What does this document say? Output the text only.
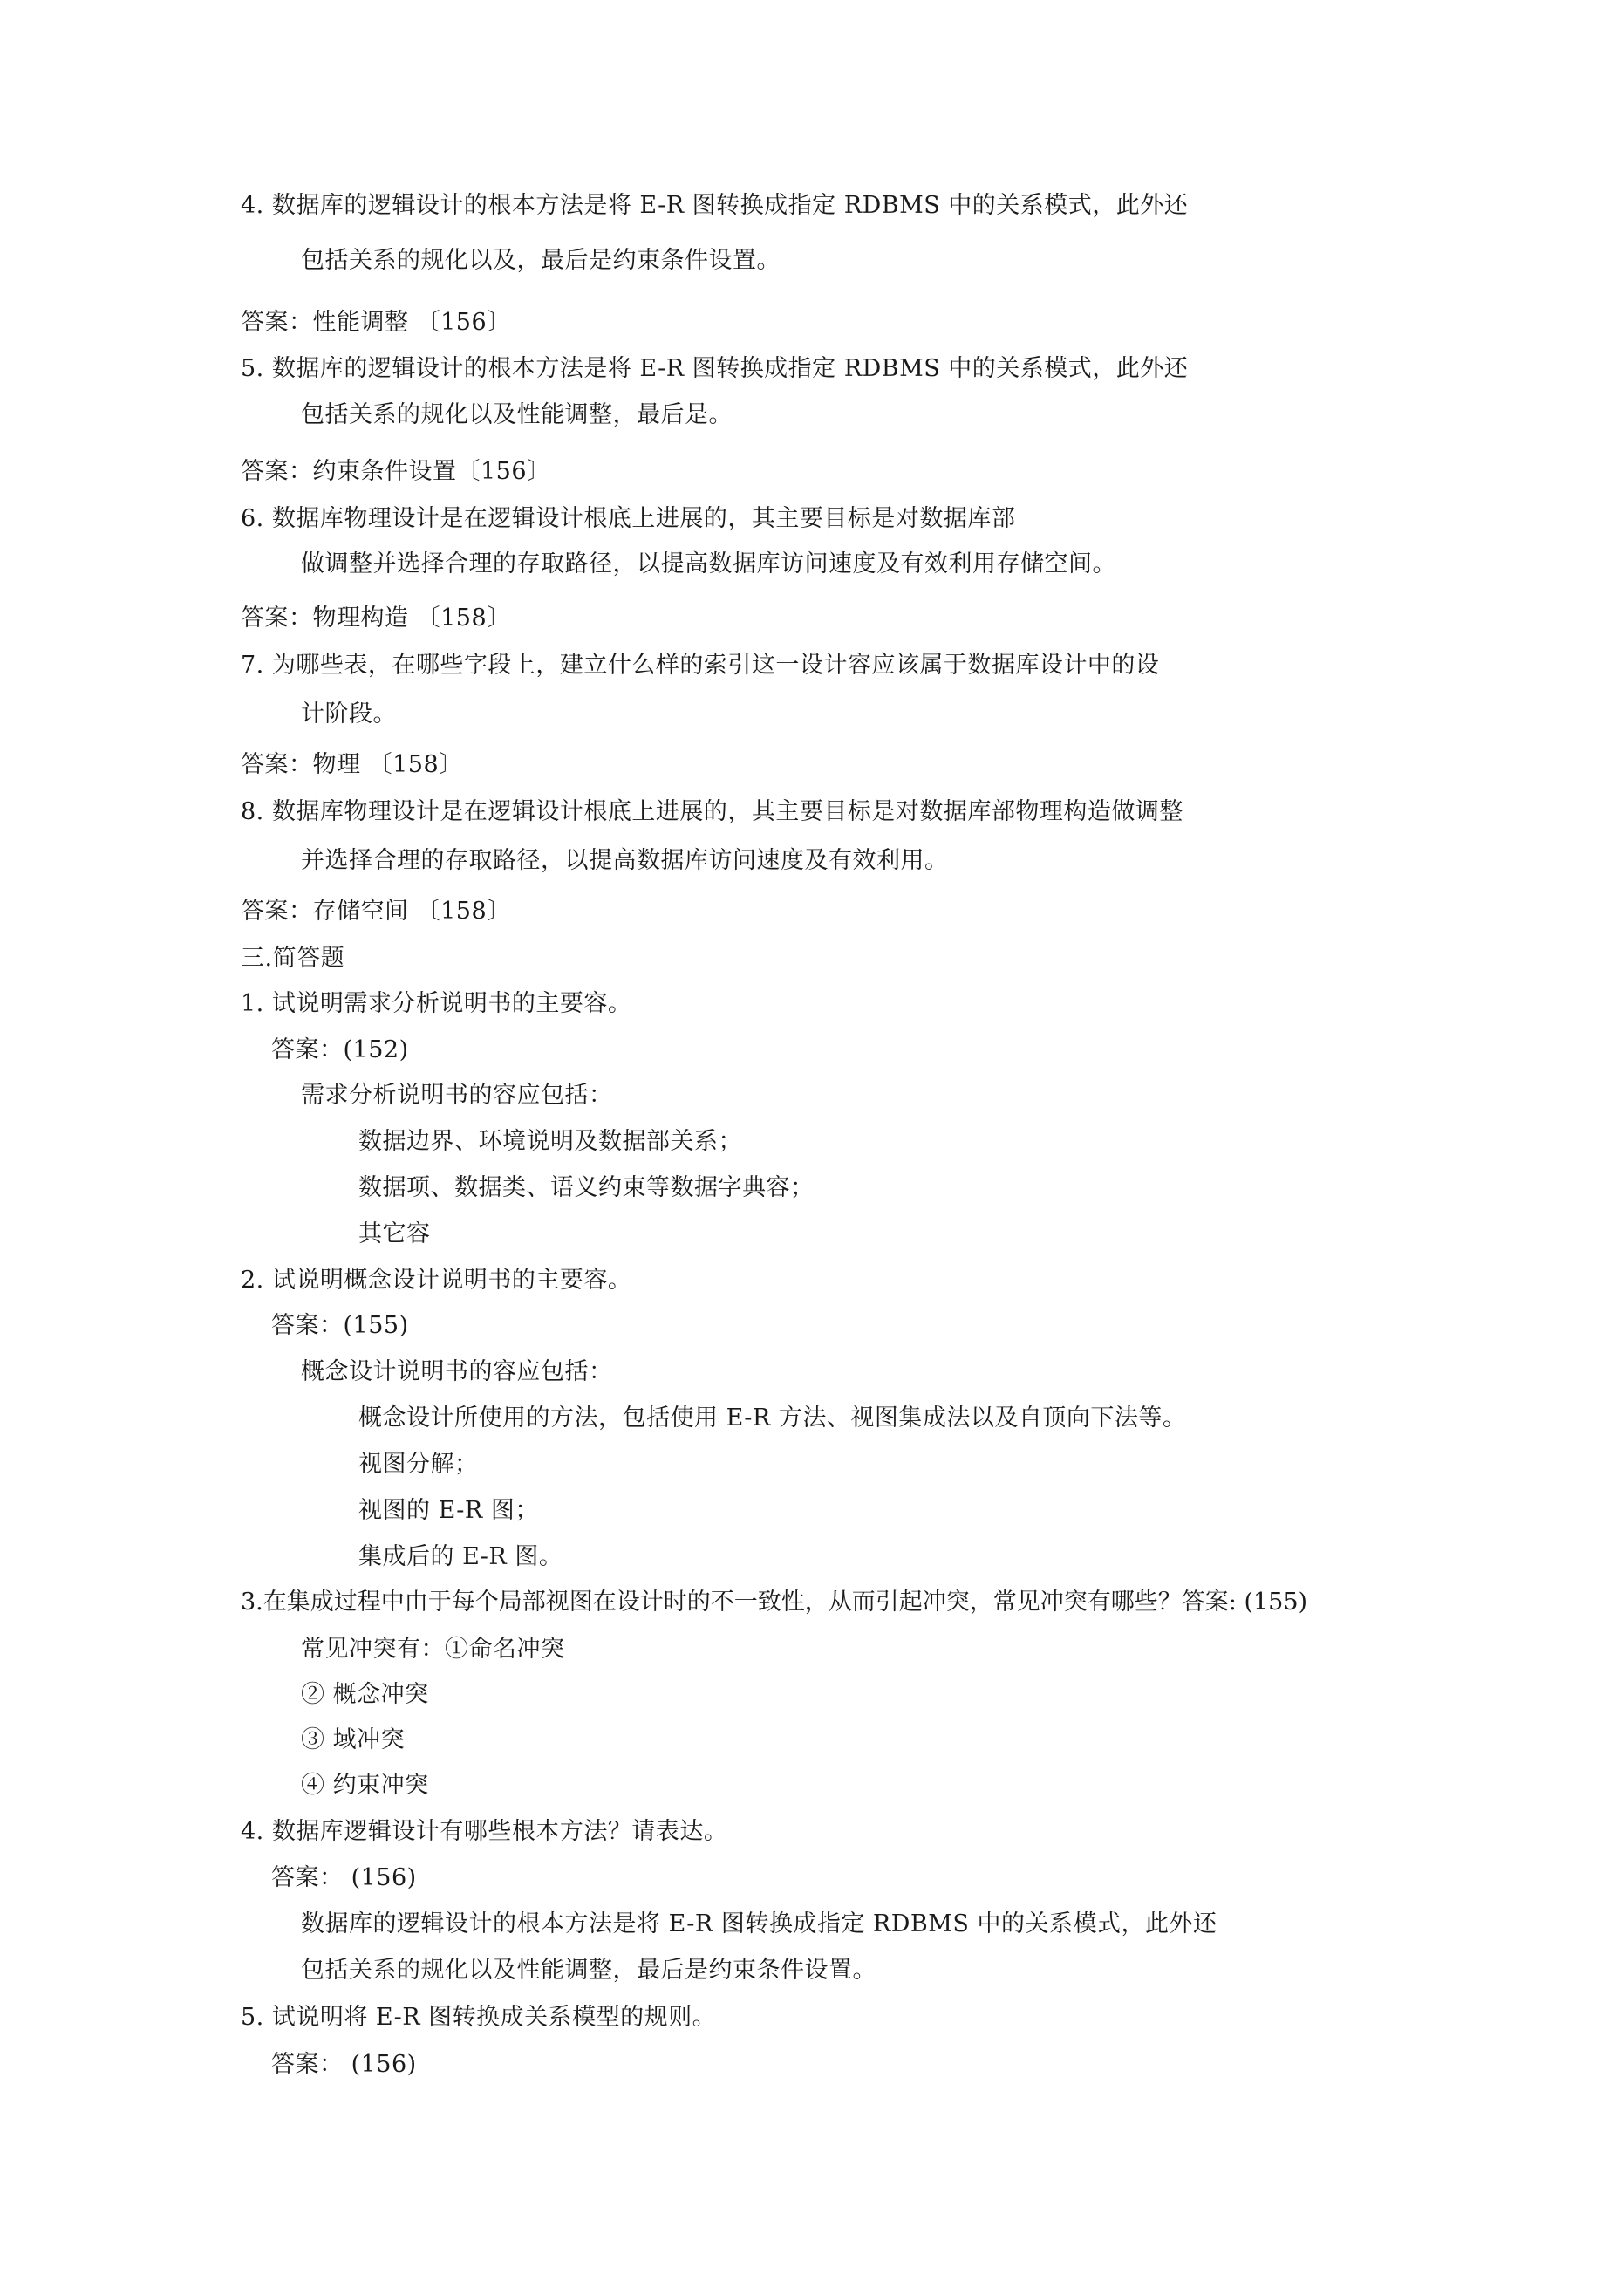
4. 数据库的逻辑设计的根本方法是将 E-R 图转换成指定 RDBMS 中的关系模式，此外还
包括关系的规化以及，最后是约束条件设置。
答案：性能调整 〔156〕
5. 数据库的逻辑设计的根本方法是将 E-R 图转换成指定 RDBMS 中的关系模式，此外还
包括关系的规化以及性能调整，最后是。
答案：约束条件设置〔156〕
6. 数据库物理设计是在逻辑设计根底上进展的，其主要目标是对数据库部
做调整并选择合理的存取路径，以提高数据库访问速度及有效利用存储空间。
答案：物理构造 〔158〕
7. 为哪些表，在哪些字段上，建立什么样的索引这一设计容应该属于数据库设计中的设
计阶段。
答案：物理 〔158〕
8. 数据库物理设计是在逻辑设计根底上进展的，其主要目标是对数据库部物理构造做调整
并选择合理的存取路径，以提高数据库访问速度及有效利用。
答案：存储空间 〔158〕
三.简答题
1. 试说明需求分析说明书的主要容。
答案：(152)
需求分析说明书的容应包括：
数据边界、环境说明及数据部关系；
数据项、数据类、语义约束等数据字典容；
其它容
2. 试说明概念设计说明书的主要容。
答案：(155)
概念设计说明书的容应包括：
概念设计所使用的方法，包括使用 E-R 方法、视图集成法以及自顶向下法等。
视图分解；
视图的 E-R 图；
集成后的 E-R 图。
3.在集成过程中由于每个局部视图在设计时的不一致性，从而引起冲突，常见冲突有哪些？答案: (155)
常见冲突有：①命名冲突
② 概念冲突
③ 域冲突
④ 约束冲突
4. 数据库逻辑设计有哪些根本方法？请表达。
答案： (156)
数据库的逻辑设计的根本方法是将 E-R 图转换成指定 RDBMS 中的关系模式，此外还
包括关系的规化以及性能调整，最后是约束条件设置。
5. 试说明将 E-R 图转换成关系模型的规则。
答案： (156)
